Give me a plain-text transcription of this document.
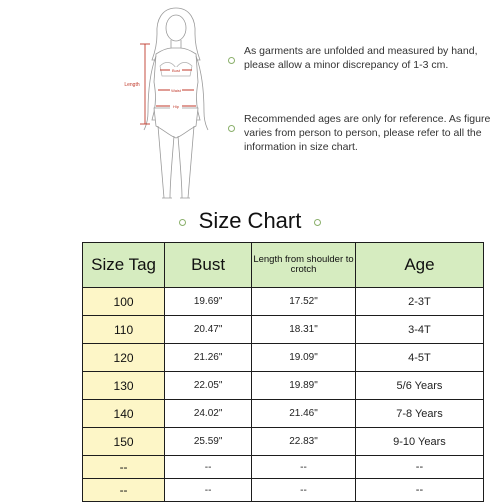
Bust
Waist
Hip
Length

As garments are unfolded and measured by hand, please allow a minor discrepancy of 1-3 cm.

Recommended ages are only for reference. As figure varies from person to person, please refer to all the information in size chart.

Size Chart
Size Tag	Bust	Length from shoulder to crotch	Age
100	19.69"	17.52"	2-3T
110	20.47"	18.31"	3-4T
120	21.26"	19.09"	4-5T
130	22.05"	19.89"	5/6 Years
140	24.02"	21.46"	7-8 Years
150	25.59"	22.83"	9-10 Years
--	--	--	--
--	--	--	--
